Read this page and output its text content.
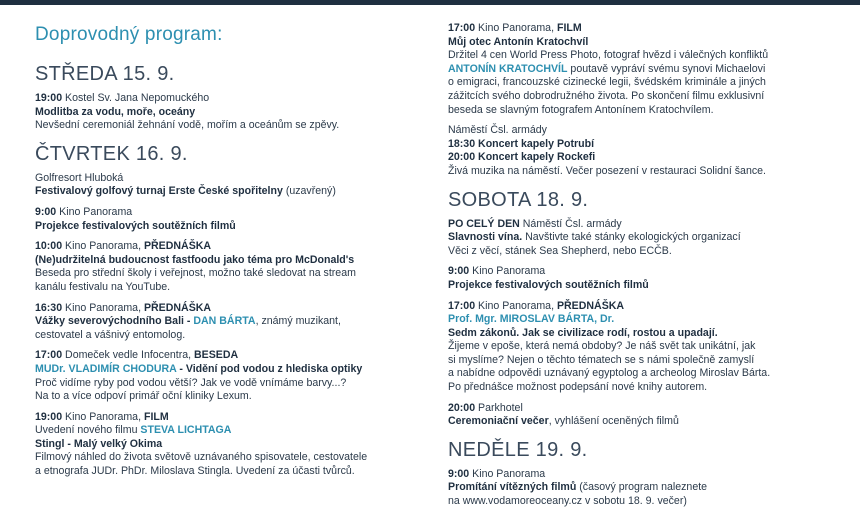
Doprovodný program:
STŘEDA 15. 9.
19:00 Kostel Sv. Jana Nepomuckého
Modlitba za vodu, moře, oceány
Nevšední ceremoniál žehnání vodě, mořím a oceánům se zpěvy.
ČTVRTEK 16. 9.
Golfresort Hluboká
Festivalový golfový turnaj Erste České spořitelny (uzavřený)
9:00 Kino Panorama
Projekce festivalových soutěžních filmů
10:00 Kino Panorama, PŘEDNÁŠKA
(Ne)udržitelná budoucnost fastfoodu jako téma pro McDonald's
Beseda pro střední školy i veřejnost, možno také sledovat na stream
kanálu festivalu na YouTube.
16:30 Kino Panorama, PŘEDNÁŠKA
Vážky severovýchodního Bali - DAN BÁRTA, známý muzikant,
cestovatel a vášnivý entomolog.
17:00 Domeček vedle Infocentra, BESEDA
MUDr. VLADIMÍR CHODURA - Vidění pod vodou z hlediska optiky
Proč vidíme ryby pod vodou větší? Jak ve vodě vnímáme barvy...?
Na to a více odpoví primář oční kliniky Lexum.
19:00 Kino Panorama, FILM
Uvedení nového filmu STEVA LICHTAGA
Stingl - Malý velký Okima
Filmový náhled do života světově uznávaného spisovatele, cestovatele
a etnografa JUDr. PhDr. Miloslava Stingla. Uvedení za účasti tvůrců.
17:00 Kino Panorama, FILM
Můj otec Antonín Kratochvíl
Držitel 4 cen World Press Photo, fotograf hvězd i válečných konfliktů
ANTONÍN KRATOCHVÍL poutavě vypráví svému synovi Michaelovi
o emigraci, francouzské cizinecké legii, švédském kriminále a jiných
zážitcích svého dobrodružného života. Po skončení filmu exklusivní
beseda se slavným fotografem Antonínem Kratochvílem.
Náměstí Čsl. armády
18:30 Koncert kapely Potrubí
20:00 Koncert kapely Rockefi
Živá muzika na náměstí. Večer posezení v restauraci Solidní šance.
SOBOTA 18. 9.
PO CELÝ DEN Náměstí Čsl. armády
Slavnosti vína. Navštivte také stánky ekologických organizací
Věci z věcí, stánek Sea Shepherd, nebo ECČB.
9:00 Kino Panorama
Projekce festivalových soutěžních filmů
17:00 Kino Panorama, PŘEDNÁŠKA
Prof. Mgr. MIROSLAV BÁRTA, Dr.
Sedm zákonů. Jak se civilizace rodí, rostou a upadají.
Žijeme v epoše, která nemá obdoby? Je náš svět tak unikátní, jak
si myslíme? Nejen o těchto tématech se s námi společně zamyslí
a nabídne odpovědi uznávaný egyptolog a archeolog Miroslav Bárta.
Po přednášce možnost podepsání nové knihy autorem.
20:00 Parkhotel
Ceremoniační večer, vyhlášení oceněných filmů
NEDĚLE 19. 9.
9:00 Kino Panorama
Promítání vítězných filmů (časový program naleznete
na www.vodamoreoceany.cz v sobotu 18. 9. večer)
